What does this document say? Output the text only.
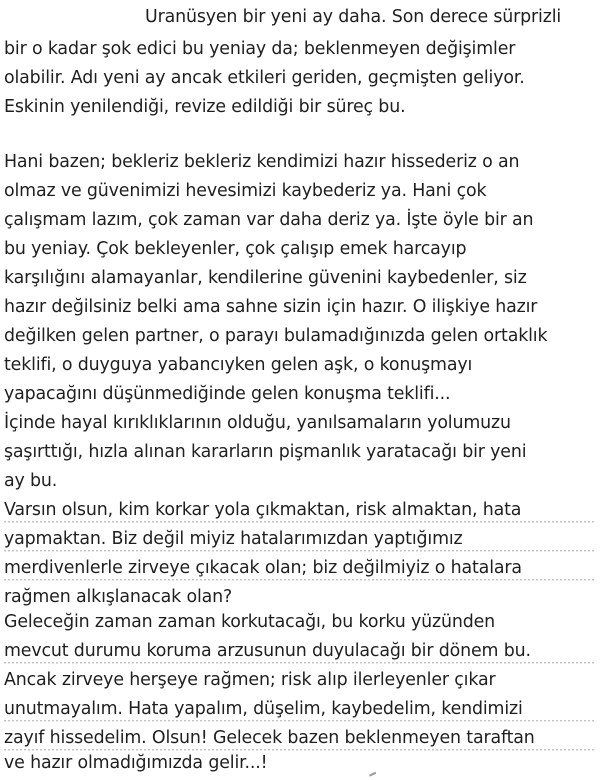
Uranüsyen bir yeni ay daha. Son derece sürprizli
bir o kadar şok edici bu yeniay da; beklenmeyen değişimler
olabilir. Adı yeni ay ancak etkileri geriden, geçmişten geliyor.
Eskinin yenilendiği, revize edildiği bir süreç bu.
Hani bazen; bekleriz bekleriz kendimizi hazır hissederiz o an
olmaz ve güvenimizi hevesimizi kaybederiz ya. Hani çok
çalışmam lazım, çok zaman var daha deriz ya. İşte öyle bir an
bu yeniay. Çok bekleyenler, çok çalışıp emek harcayıp
karşılığını alamayanlar, kendilerine güvenini kaybedenler, siz
hazır değilsiniz belki ama sahne sizin için hazır. O ilişkiye hazır
değilken gelen partner, o parayı bulamadığınızda gelen ortaklık
teklifi, o duyguya yabancıyken gelen aşk, o konuşmayı
yapacağını düşünmediğinde gelen konuşma teklifi...
İçinde hayal kırıklıklarının olduğu, yanılsamaların yolumuzu
şaşırttığı, hızla alınan kararların pişmanlık yaratacağı bir yeni
ay bu.
Varsın olsun, kim korkar yola çıkmaktan, risk almaktan, hata
yapmaktan. Biz değil miyiz hatalarımızdan yaptığımız
merdivenlerle zirveye çıkacak olan; biz değilmiyiz o hatalara
rağmen alkışlanacak olan?
Geleceğin zaman zaman korkutacağı, bu korku yüzünden
mevcut durumu koruma arzusunun duyulacağı bir dönem bu.
Ancak zirveye herşeye rağmen; risk alıp ilerleyenler çıkar
unutmayalım. Hata yapalım, düşelim, kaybedelim, kendimizi
zayıf hissedelim. Olsun! Gelecek bazen beklenmeyen taraftan
ve hazır olmadığımızda gelir...!
